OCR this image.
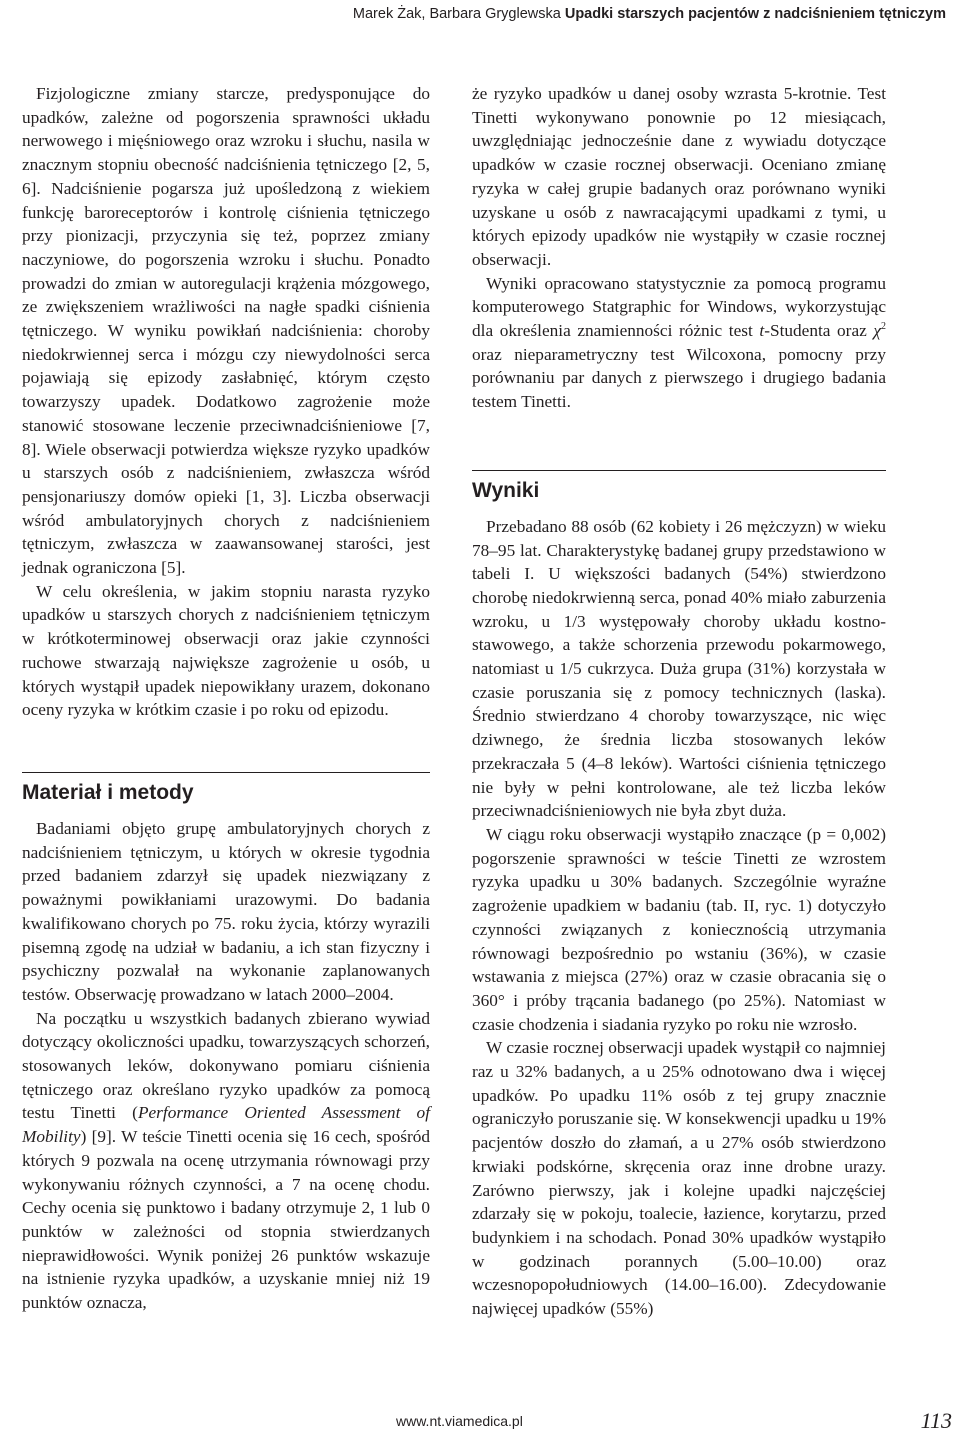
Marek Żak, Barbara Gryglewska Upadki starszych pacjentów z nadciśnieniem tętniczym

Fizjologiczne zmiany starcze, predysponujące do upadków, zależne od pogorszenia sprawności układu nerwowego i mięśniowego oraz wzroku i słuchu, nasila w znacznym stopniu obecność nadciśnienia tętniczego [2, 5, 6]. Nadciśnienie pogarsza już upośledzoną z wiekiem funkcję baroreceptorów i kontrolę ciśnienia tętniczego przy pionizacji, przyczynia się też, poprzez zmiany naczyniowe, do pogorszenia wzroku i słuchu. Ponadto prowadzi do zmian w autoregulacji krążenia mózgowego, ze zwiększeniem wrażliwości na nagłe spadki ciśnienia tętniczego. W wyniku powikłań nadciśnienia: choroby niedokrwiennej serca i mózgu czy niewydolności serca pojawiają się epizody zasłabnięć, którym często towarzyszy upadek. Dodatkowo zagrożenie może stanowić stosowane leczenie przeciwnadciśnieniowe [7, 8]. Wiele obserwacji potwierdza większe ryzyko upadków u starszych osób z nadciśnieniem, zwłaszcza wśród pensjonariuszy domów opieki [1, 3]. Liczba obserwacji wśród ambulatoryjnych chorych z nadciśnieniem tętniczym, zwłaszcza w zaawansowanej starości, jest jednak ograniczona [5].

W celu określenia, w jakim stopniu narasta ryzyko upadków u starszych chorych z nadciśnieniem tętniczym w krótkoterminowej obserwacji oraz jakie czynności ruchowe stwarzają największe zagrożenie u osób, u których wystąpił upadek niepowikłany urazem, dokonano oceny ryzyka w krótkim czasie i po roku od epizodu.

Materiał i metody

Badaniami objęto grupę ambulatoryjnych chorych z nadciśnieniem tętniczym, u których w okresie tygodnia przed badaniem zdarzył się upadek niezwiązany z poważnymi powikłaniami urazowymi. Do badania kwalifikowano chorych po 75. roku życia, którzy wyrazili pisemną zgodę na udział w badaniu, a ich stan fizyczny i psychiczny pozwalał na wykonanie zaplanowanych testów. Obserwację prowadzano w latach 2000–2004.

Na początku u wszystkich badanych zbierano wywiad dotyczący okoliczności upadku, towarzyszących schorzeń, stosowanych leków, dokonywano pomiaru ciśnienia tętniczego oraz określano ryzyko upadków za pomocą testu Tinetti (Performance Oriented Assessment of Mobility) [9]. W teście Tinetti ocenia się 16 cech, spośród których 9 pozwala na ocenę utrzymania równowagi przy wykonywaniu różnych czynności, a 7 na ocenę chodu. Cechy ocenia się punktowo i badany otrzymuje 2, 1 lub 0 punktów w zależności od stopnia stwierdzanych nieprawidłowości. Wynik poniżej 26 punktów wskazuje na istnienie ryzyka upadków, a uzyskanie mniej niż 19 punktów oznacza,

że ryzyko upadków u danej osoby wzrasta 5-krotnie. Test Tinetti wykonywano ponownie po 12 miesiącach, uwzględniając jednocześnie dane z wywiadu dotyczące upadków w czasie rocznej obserwacji. Oceniano zmianę ryzyka w całej grupie badanych oraz porównano wyniki uzyskane u osób z nawracającymi upadkami z tymi, u których epizody upadków nie wystąpiły w czasie rocznej obserwacji.

Wyniki opracowano statystycznie za pomocą programu komputerowego Statgraphic for Windows, wykorzystując dla określenia znamienności różnic test t-Studenta oraz $\chi^2$ oraz nieparametryczny test Wilcoxona, pomocny przy porównaniu par danych z pierwszego i drugiego badania testem Tinetti.

Wyniki

Przebadano 88 osób (62 kobiety i 26 mężczyzn) w wieku 78–95 lat. Charakterystykę badanej grupy przedstawiono w tabeli I. U większości badanych (54%) stwierdzono chorobę niedokrwienną serca, ponad 40% miało zaburzenia wzroku, u 1/3 występowały choroby układu kostno-stawowego, a także schorzenia przewodu pokarmowego, natomiast u 1/5 cukrzyca. Duża grupa (31%) korzystała w czasie poruszania się z pomocy technicznych (laska). Średnio stwierdzano 4 choroby towarzyszące, nic więc dziwnego, że średnia liczba stosowanych leków przekraczała 5 (4–8 leków). Wartości ciśnienia tętniczego nie były w pełni kontrolowane, ale też liczba leków przeciwnadciśnieniowych nie była zbyt duża.

W ciągu roku obserwacji wystąpiło znaczące (p = 0,002) pogorszenie sprawności w teście Tinetti ze wzrostem ryzyka upadku u 30% badanych. Szczególnie wyraźne zagrożenie upadkiem w badaniu (tab. II, ryc. 1) dotyczyło czynności związanych z koniecznością utrzymania równowagi bezpośrednio po wstaniu (36%), w czasie wstawania z miejsca (27%) oraz w czasie obracania się o 360° i próby trącania badanego (po 25%). Natomiast w czasie chodzenia i siadania ryzyko po roku nie wzrosło.

W czasie rocznej obserwacji upadek wystąpił co najmniej raz u 32% badanych, a u 25% odnotowano dwa i więcej upadków. Po upadku 11% osób z tej grupy znacznie ograniczyło poruszanie się. W konsekwencji upadku u 19% pacjentów doszło do złamań, a u 27% osób stwierdzono krwiaki podskórne, skręcenia oraz inne drobne urazy. Zarówno pierwszy, jak i kolejne upadki najczęściej zdarzały się w pokoju, toalecie, łazience, korytarzu, przed budynkiem i na schodach. Ponad 30% upadków wystąpiło w godzinach porannych (5.00–10.00) oraz wczesnopopołudniowych (14.00–16.00). Zdecydowanie najwięcej upadków (55%)

www.nt.viamedica.pl	113
